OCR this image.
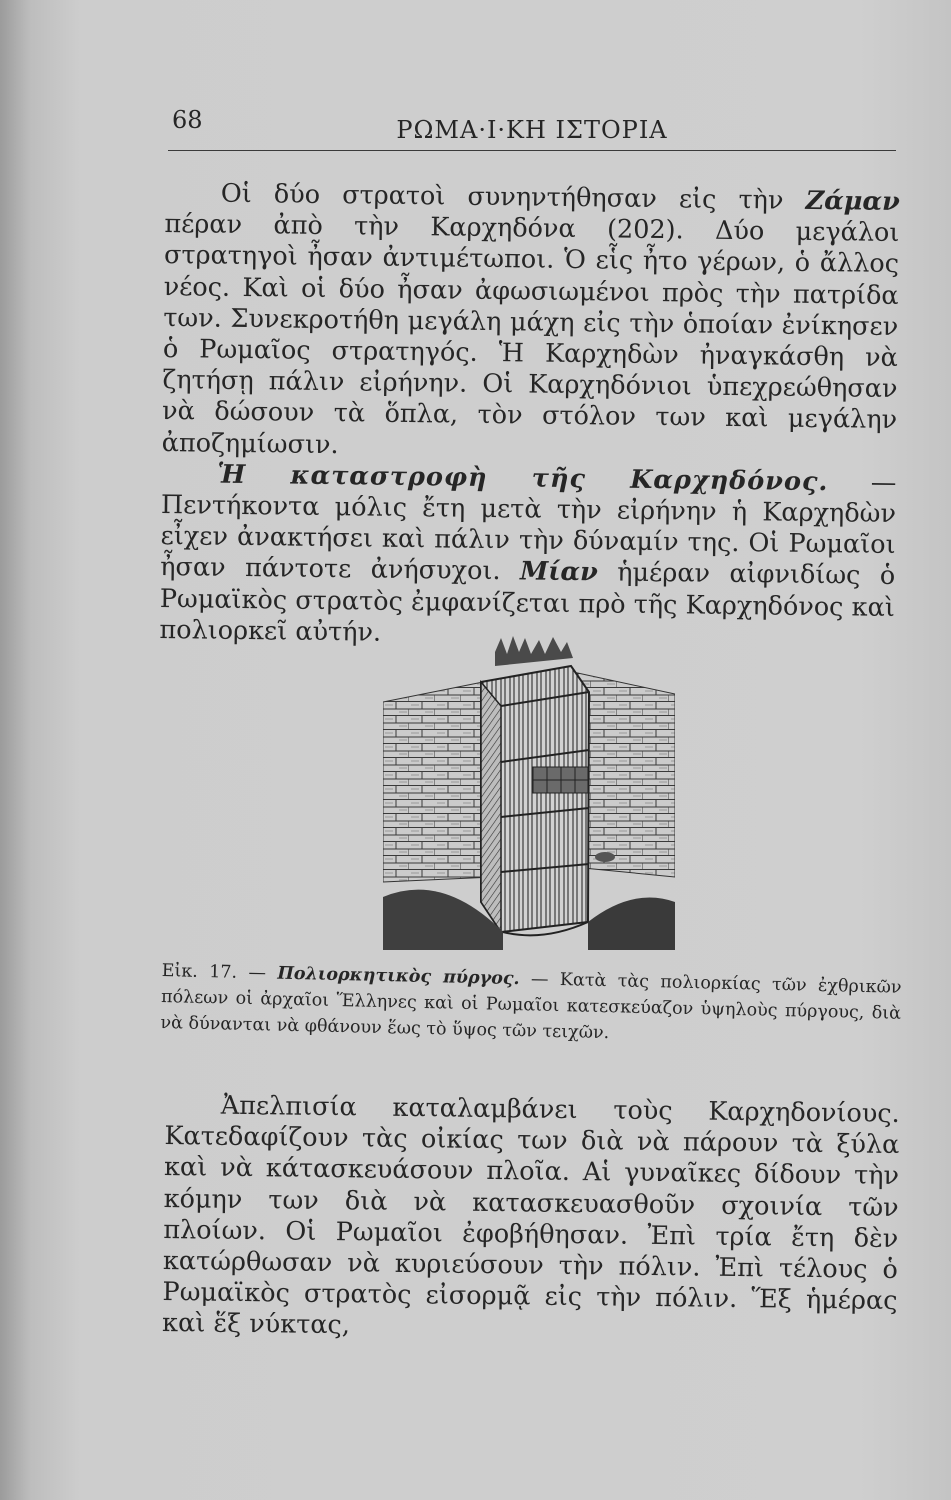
68	ΡΩΜΑ·Ι·ΚΗ ΙΣΤΟΡΙΑ

Οἱ δύο στρατοὶ συνηντήθησαν εἰς τὴν Ζάμαν πέραν ἀπὸ τὴν Καρχηδόνα (202). Δύο μεγάλοι στρατηγοὶ ἦσαν ἀντιμέτωποι. Ὁ εἷς ἦτο γέρων, ὁ ἄλλος νέος. Καὶ οἱ δύο ἦσαν ἀφωσιωμένοι πρὸς τὴν πατρίδα των. Συνεκροτήθη μεγάλη μάχη εἰς τὴν ὁποίαν ἐνίκησεν ὁ Ρωμαῖος στρατηγός. Ἡ Καρχηδὼν ἠναγκάσθη νὰ ζητήσῃ πάλιν εἰρήνην. Οἱ Καρχηδόνιοι ὑπεχρεώθησαν νὰ δώσουν τὰ ὅπλα, τὸν στόλον των καὶ μεγάλην ἀποζημίωσιν.

Ἡ καταστροφὴ τῆς Καρχηδόνος. —Πεντήκοντα μόλις ἔτη μετὰ τὴν εἰρήνην ἡ Καρχηδὼν εἶχεν ἀνακτήσει καὶ πάλιν τὴν δύναμίν της. Οἱ Ρωμαῖοι ἦσαν πάντοτε ἀνήσυχοι. Μίαν ἡμέραν αἰφνιδίως ὁ Ρωμαϊκὸς στρατὸς ἐμφανίζεται πρὸ τῆς Καρχηδόνος καὶ πολιορκεῖ αὐτήν.

Εἰκ. 17. — Πολιορκητικὸς πύργος. — Κατὰ τὰς πολιορκίας τῶν ἐχθρικῶν πόλεων οἱ ἀρχαῖοι Ἕλληνες καὶ οἱ Ρωμαῖοι κατεσκεύαζον ὑψηλοὺς πύργους, διὰ νὰ δύνανται νὰ φθάνουν ἕως τὸ ὕψος τῶν τειχῶν.

Ἀπελπισία καταλαμβάνει τοὺς Καρχηδονίους. Κατεδαφίζουν τὰς οἰκίας των διὰ νὰ πάρουν τὰ ξύλα καὶ νὰ κάτασκευάσουν πλοῖα. Αἱ γυναῖκες δίδουν τὴν κόμην των διὰ νὰ κατασκευασθοῦν σχοινία τῶν πλοίων. Οἱ Ρωμαῖοι ἐφοβήθησαν. Ἐπὶ τρία ἔτη δὲν κατώρθωσαν νὰ κυριεύσουν τὴν πόλιν. Ἐπὶ τέλους ὁ Ρωμαϊκὸς στρατὸς εἰσορμᾷ εἰς τὴν πόλιν. Ἕξ ἡμέρας καὶ ἕξ νύκτας,
